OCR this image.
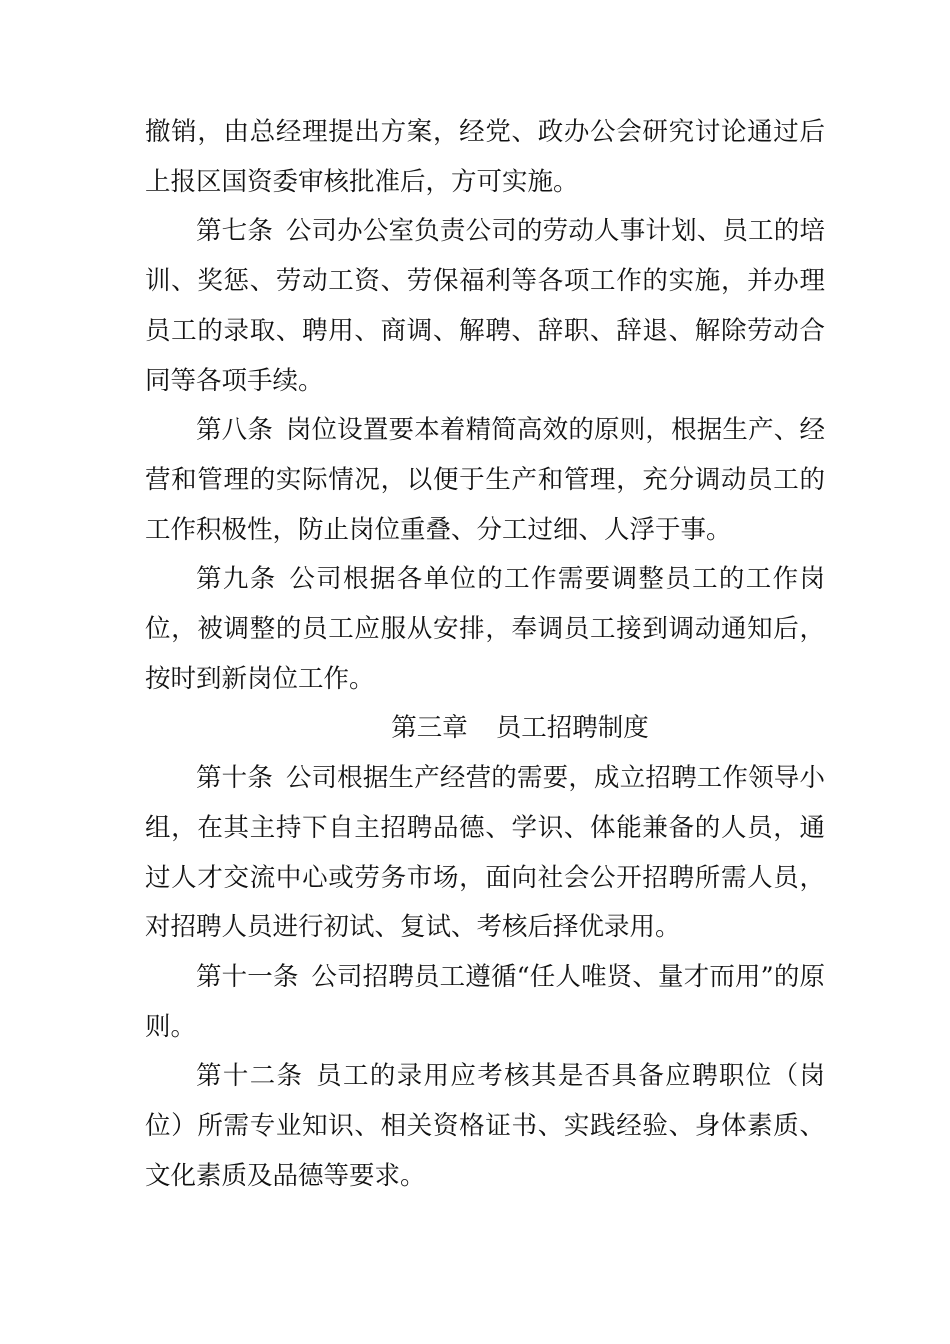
撤销，由总经理提出方案，经党、政办公会研究讨论通过后上报区国资委审核批准后，方可实施。

第七条 公司办公室负责公司的劳动人事计划、员工的培训、奖惩、劳动工资、劳保福利等各项工作的实施，并办理员工的录取、聘用、商调、解聘、辞职、辞退、解除劳动合同等各项手续。

第八条 岗位设置要本着精简高效的原则，根据生产、经营和管理的实际情况，以便于生产和管理，充分调动员工的工作积极性，防止岗位重叠、分工过细、人浮于事。

第九条 公司根据各单位的工作需要调整员工的工作岗位，被调整的员工应服从安排，奉调员工接到调动通知后，按时到新岗位工作。

第三章 员工招聘制度

第十条 公司根据生产经营的需要，成立招聘工作领导小组，在其主持下自主招聘品德、学识、体能兼备的人员，通过人才交流中心或劳务市场，面向社会公开招聘所需人员，对招聘人员进行初试、复试、考核后择优录用。

第十一条 公司招聘员工遵循“任人唯贤、量才而用”的原则。

第十二条 员工的录用应考核其是否具备应聘职位（岗位）所需专业知识、相关资格证书、实践经验、身体素质、文化素质及品德等要求。
